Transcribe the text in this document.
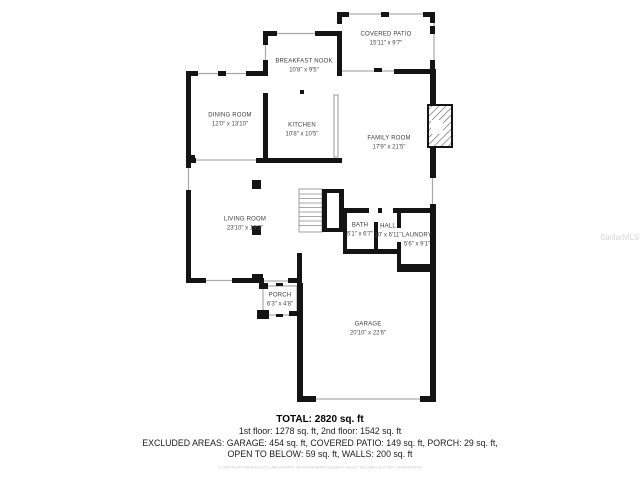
COVERED PATIO
15'11" x 9'7"
BREAKFAST NOOK
10'8" x 9'5"
DINING ROOM
12'0" x 13'10"	KITCHEN
10'8" x 10'5"
FAMILY ROOM
17'9" x 21'5"
LIVING ROOM
23'10" x 19'2"
BATH
5'1" x 6'7"
HALL
10' x 6'11" LAUNDRY
5'6" x 9'1"
PORCH
6'3" x 4'8"
GARAGE
20'10" x 22'6"
TOTAL: 2820 sq. ft
1st floor: 1278 sq. ft, 2nd floor: 1542 sq. ft
EXCLUDED AREAS: GARAGE: 454 sq. ft, COVERED PATIO: 149 sq. ft, PORCH: 29 sq. ft,
OPEN TO BELOW: 59 sq. ft, WALLS: 200 sq. ft
FLOOR PLAN CREATED BY CUBICASA APP. MEASUREMENTS DEEMED HIGHLY RELIABLE BUT NOT GUARANTEED
StellarMLS
